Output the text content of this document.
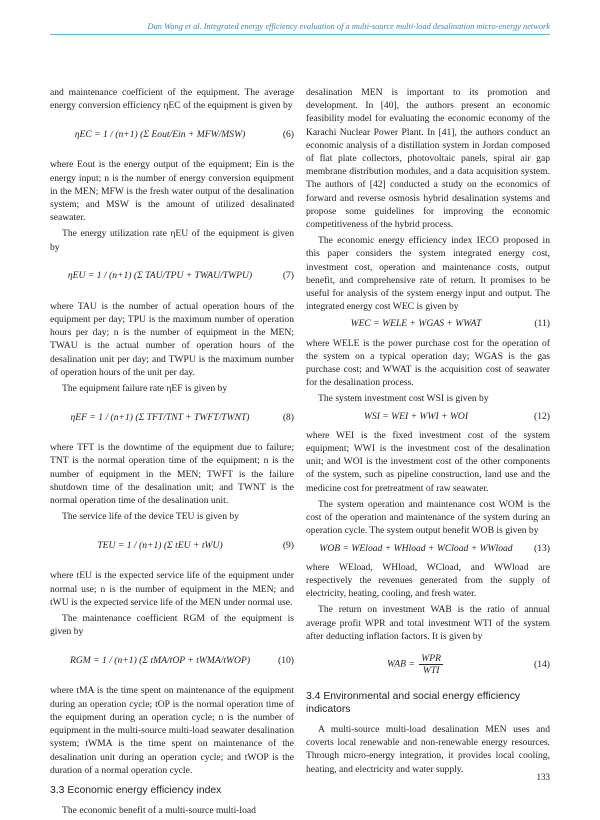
Dan Wang et al. Integrated energy efficiency evaluation of a multi-source multi-load desalination micro-energy network

and maintenance coefficient of the equipment. The average energy conversion efficiency ηEC of the equipment is given by

ηEC = 1 / (n+1) (Σ Eout/Ein + MFW/MSW)	(6)

where Eout is the energy output of the equipment; Ein is the energy input; n is the number of energy conversion equipment in the MEN; MFW is the fresh water output of the desalination system; and MSW is the amount of utilized desalinated seawater.

The energy utilization rate ηEU of the equipment is given by

ηEU = 1 / (n+1) (Σ TAU/TPU + TWAU/TWPU)	(7)

where TAU is the number of actual operation hours of the equipment per day; TPU is the maximum number of operation hours per day; n is the number of equipment in the MEN; TWAU is the actual number of operation hours of the desalination unit per day; and TWPU is the maximum number of operation hours of the unit per day.

The equipment failure rate ηEF is given by

ηEF = 1 / (n+1) (Σ TFT/TNT + TWFT/TWNT)	(8)

where TFT is the downtime of the equipment due to failure; TNT is the normal operation time of the equipment; n is the number of equipment in the MEN; TWFT is the failure shutdown time of the desalination unit; and TWNT is the normal operation time of the desalination unit.

The service life of the device TEU is given by

TEU = 1 / (n+1) (Σ tEU + tWU)	(9)

where tEU is the expected service life of the equipment under normal use; n is the number of equipment in the MEN; and tWU is the expected service life of the MEN under normal use.

The maintenance coefficient RGM of the equipment is given by

RGM = 1 / (n+1) (Σ tMA/tOP + tWMA/tWOP)	(10)

where tMA is the time spent on maintenance of the equipment during an operation cycle; tOP is the normal operation time of the equipment during an operation cycle; n is the number of equipment in the multi-source multi-load seawater desalination system; tWMA is the time spent on maintenance of the desalination unit during an operation cycle; and tWOP is the duration of a normal operation cycle.

3.3 Economic energy efficiency index

The economic benefit of a multi-source multi-load

desalination MEN is important to its promotion and development. In [40], the authors present an economic feasibility model for evaluating the economic economy of the Karachi Nuclear Power Plant. In [41], the authors conduct an economic analysis of a distillation system in Jordan composed of flat plate collectors, photovoltaic panels, spiral air gap membrane distribution modules, and a data acquisition system. The authors of [42] conducted a study on the economics of forward and reverse osmosis hybrid desalination systems and propose some guidelines for improving the economic competitiveness of the hybrid process.

The economic energy efficiency index IECO proposed in this paper considers the system integrated energy cost, investment cost, operation and maintenance costs, output benefit, and comprehensive rate of return. It promises to be useful for analysis of the system energy input and output. The integrated energy cost WEC is given by

WEC = WELE + WGAS + WWAT	(11)

where WELE is the power purchase cost for the operation of the system on a typical operation day; WGAS is the gas purchase cost; and WWAT is the acquisition cost of seawater for the desalination process.

The system investment cost WSI is given by

WSI = WEI + WWI + WOI	(12)

where WEI is the fixed investment cost of the system equipment; WWI is the investment cost of the desalination unit; and WOI is the investment cost of the other components of the system, such as pipeline construction, land use and the medicine cost for pretreatment of raw seawater.

The system operation and maintenance cost WOM is the cost of the operation and maintenance of the system during an operation cycle. The system output benefit WOB is given by

WOB = WEload + WHload + WCload + WWload	(13)

where WEload, WHload, WCload, and WWload are respectively the revenues generated from the supply of electricity, heating, cooling, and fresh water.

The return on investment WAB is the ratio of annual average profit WPR and total investment WTI of the system after deducting inflation factors. It is given by

WAB = $\frac{\text{WPR}}{\text{WTI}}$	(14)
3.4 Environmental and social energy efficiency indicators

A multi-source multi-load desalination MEN uses and coverts local renewable and non-renewable energy resources. Through micro-energy integration, it provides local cooling, heating, and electricity and water supply.

133
